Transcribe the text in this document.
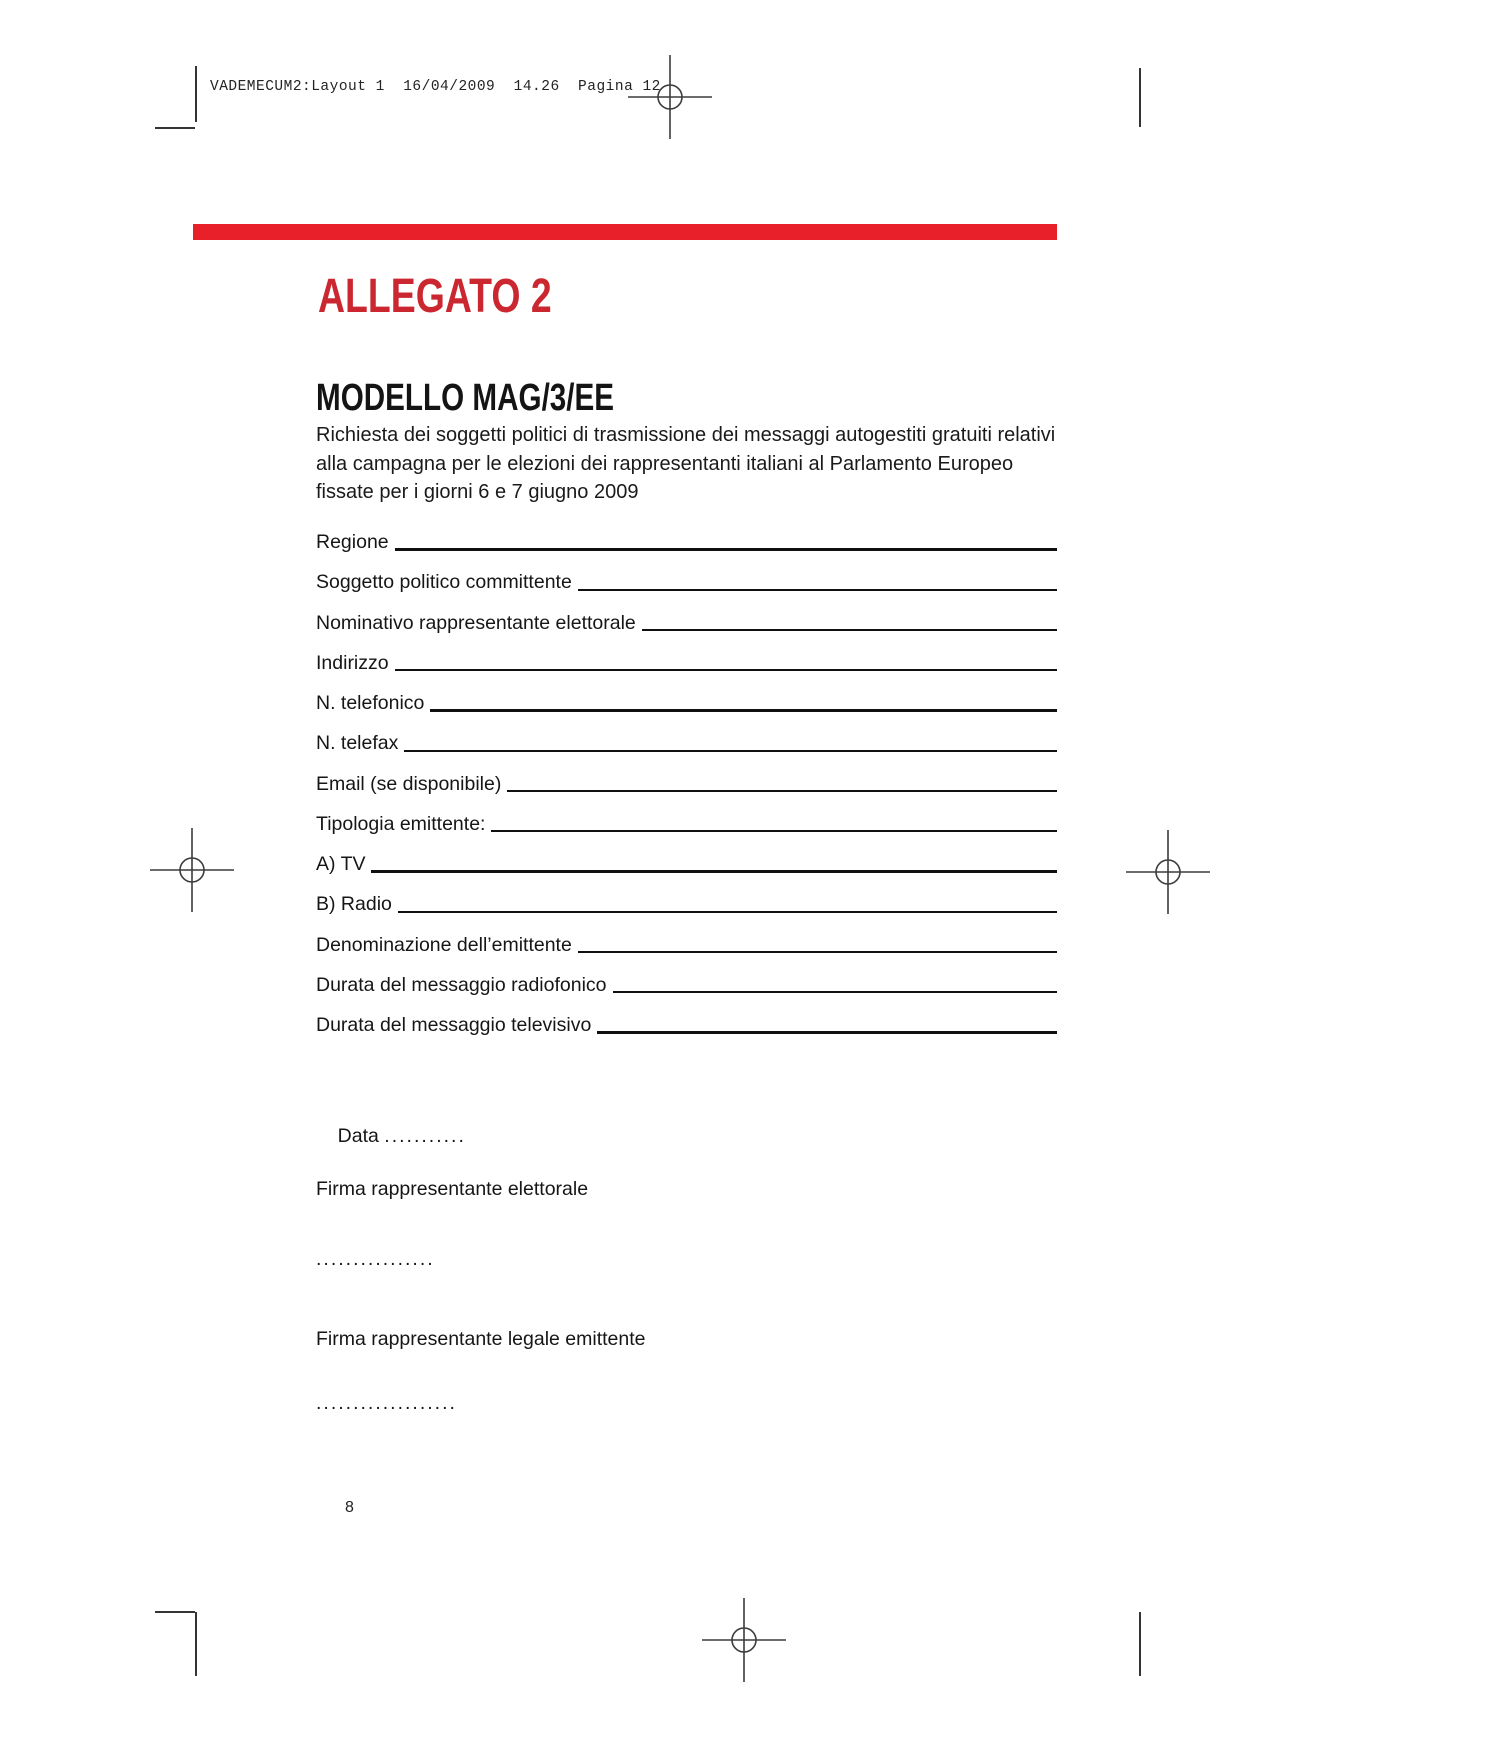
VADEMECUM2:Layout 1  16/04/2009  14.26  Pagina 12
ALLEGATO 2
MODELLO MAG/3/EE
Richiesta dei soggetti politici di trasmissione dei messaggi autogestiti gratuiti relativi
alla campagna per le elezioni dei rappresentanti italiani al Parlamento Europeo
fissate per i giorni 6 e 7 giugno 2009
Regione
Soggetto politico committente
Nominativo rappresentante elettorale
Indirizzo
N. telefonico
N. telefax
Email (se disponibile)
Tipologia emittente:
A) TV
B) Radio
Denominazione dell’emittente
Durata del messaggio radiofonico
Durata del messaggio televisivo

Data ...........

Firma rappresentante elettorale
................
Firma rappresentante legale emittente
...................
8
